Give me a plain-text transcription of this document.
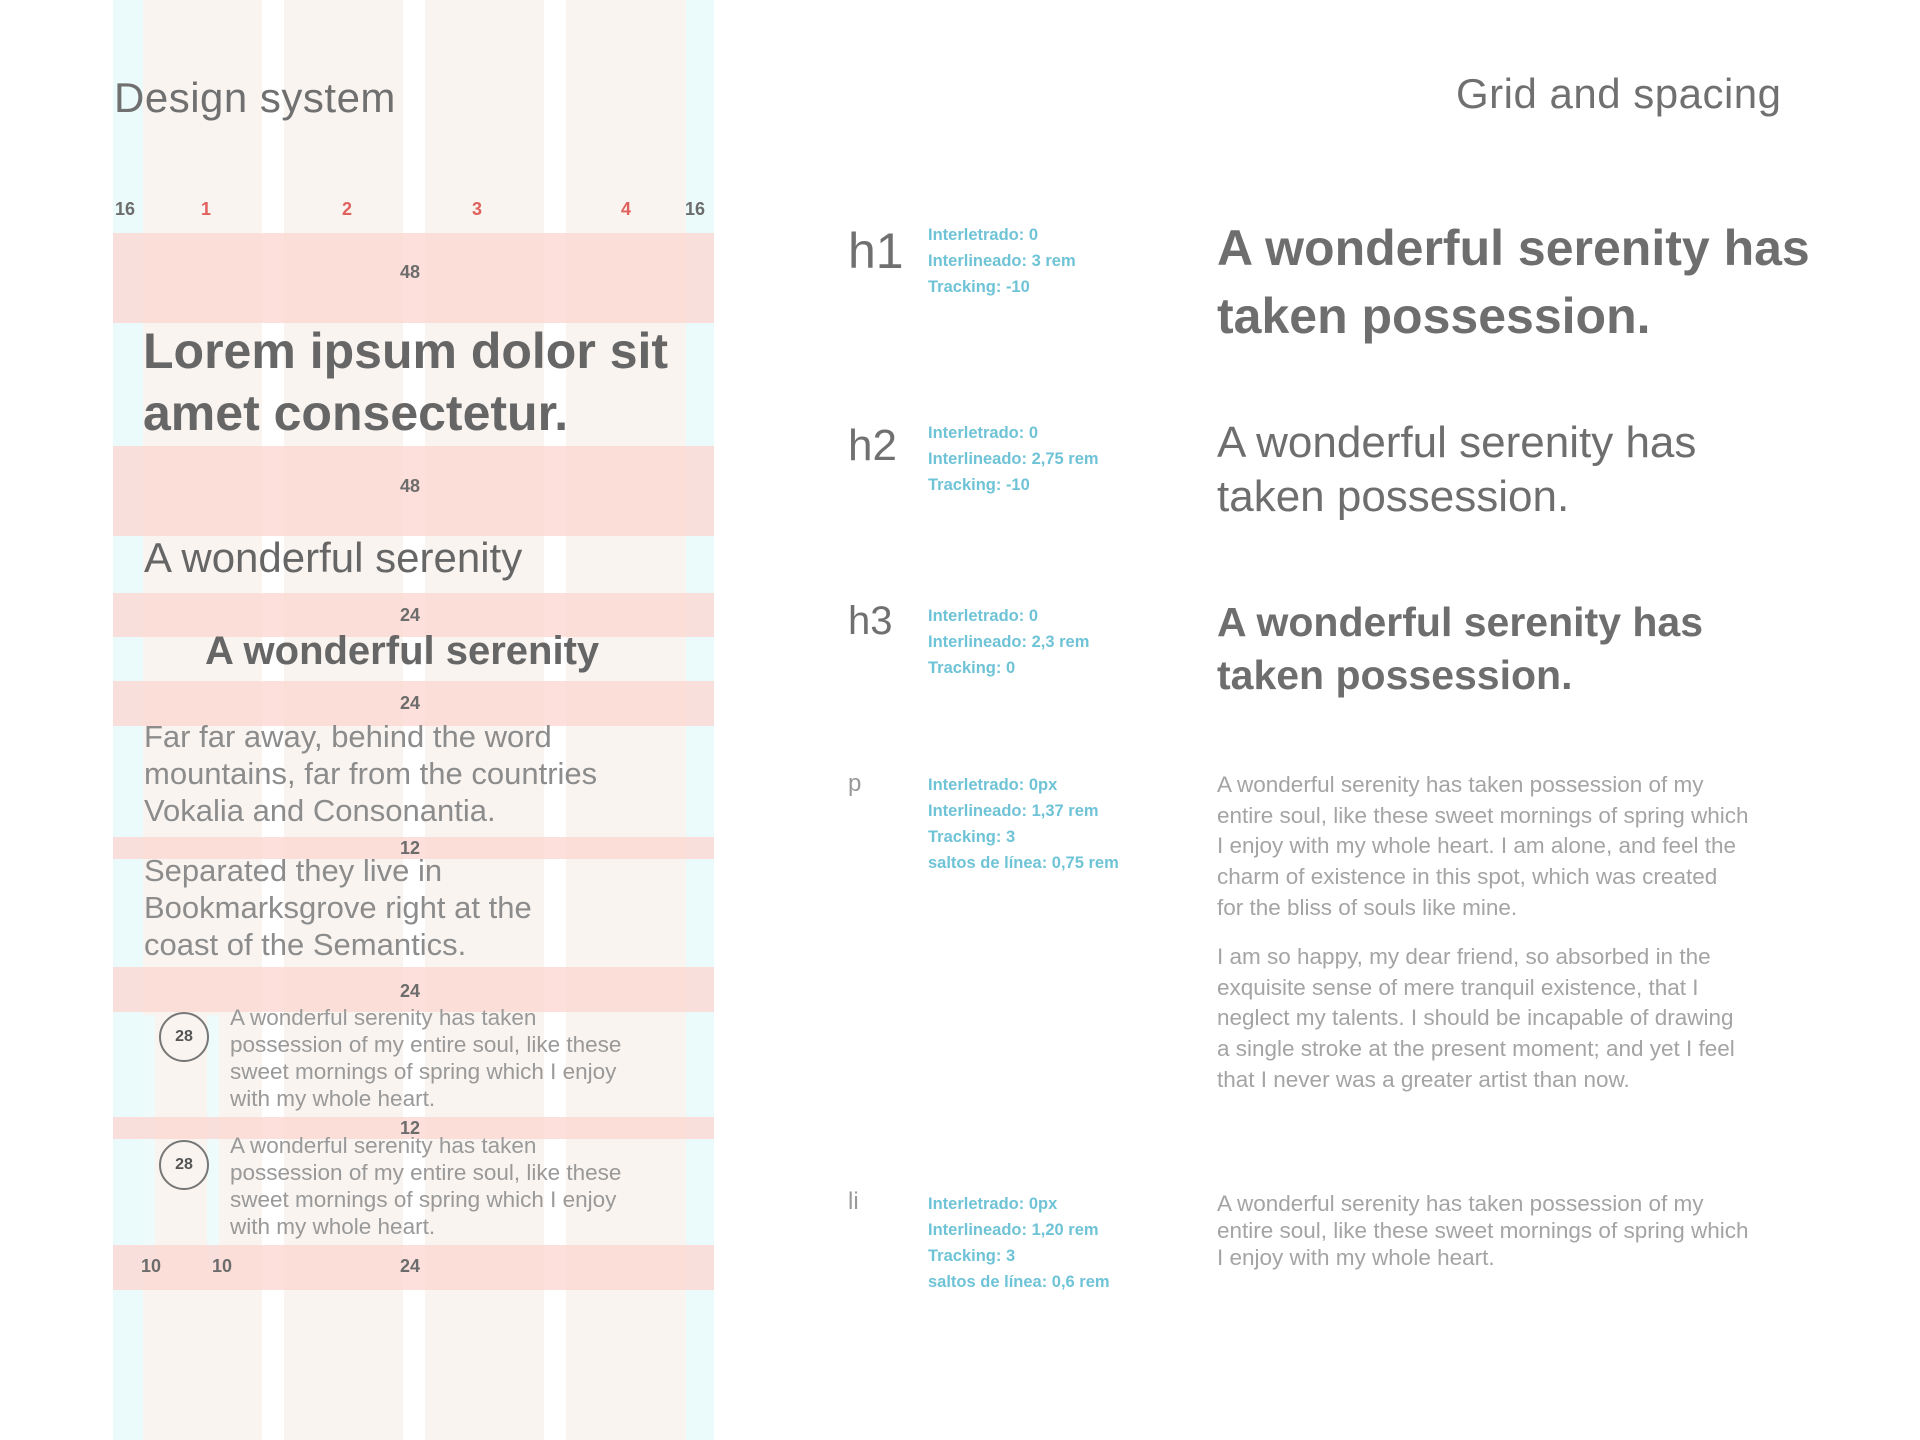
16	1	2	3	4	16
48
48
24
24
12
24
12
24
10	10
Lorem ipsum dolor sit
amet consectetur.
A wonderful serenity
A wonderful serenity
Far far away, behind the word
mountains, far from the countries
Vokalia and Consonantia.
Separated they live in
Bookmarksgrove right at the
coast of the Semantics.
28
A wonderful serenity has taken
possession of my entire soul, like these
sweet mornings of spring which I enjoy
with my whole heart.
28
A wonderful serenity has taken
possession of my entire soul, like these
sweet mornings of spring which I enjoy
with my whole heart.
Design system	Grid and spacing
h1 Interletrado: 0
Interlineado: 3 rem
Tracking: -10
A wonderful serenity has
taken possession.
h2 Interletrado: 0
Interlineado: 2,75 rem
Tracking: -10
A wonderful serenity has
taken possession.
h3 Interletrado: 0
Interlineado: 2,3 rem
Tracking: 0
A wonderful serenity has
taken possession.
p	Interletrado: 0px
Interlineado: 1,37 rem
Tracking: 3
saltos de línea: 0,75 rem
A wonderful serenity has taken possession of my
entire soul, like these sweet mornings of spring which
I enjoy with my whole heart. I am alone, and feel the
charm of existence in this spot, which was created
for the bliss of souls like mine.
I am so happy, my dear friend, so absorbed in the
exquisite sense of mere tranquil existence, that I
neglect my talents. I should be incapable of drawing
a single stroke at the present moment; and yet I feel
that I never was a greater artist than now.
li	Interletrado: 0px
Interlineado: 1,20 rem
Tracking: 3
saltos de línea: 0,6 rem
A wonderful serenity has taken possession of my
entire soul, like these sweet mornings of spring which
I enjoy with my whole heart.
